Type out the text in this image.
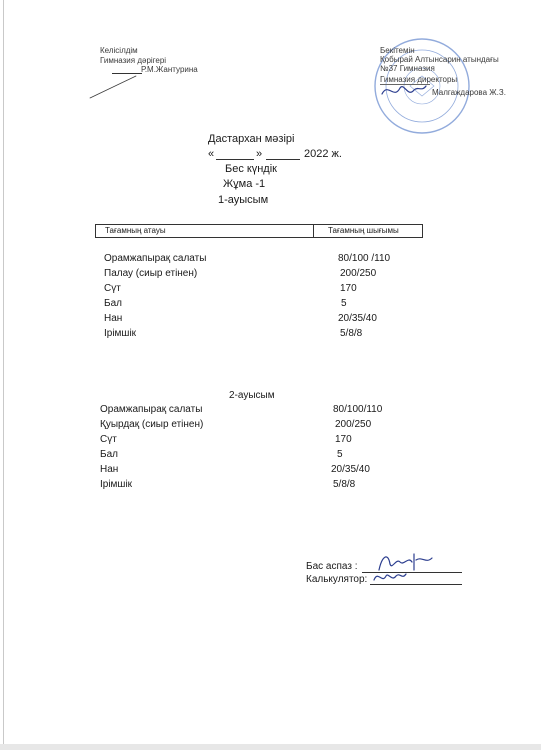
Келісілдім
Гимназия дәрігері
Р.М.Жантурина
Бекітемін
Қобырай Алтынсарин атындағы
№37 Гимназия
Гимназия директоры
Малгаждарова Ж.З.
Дастархан мәзірі
«	»	2022 ж.
Бес күндік
Жұма -1
1-ауысым
Тағамның атауы	Тағамның шығымы
Орамжапырақ салаты	80/100 /110
Палау (сиыр етінен)	200/250
Сүт	170
Бал	5
Нан	20/35/40
Ірімшік	5/8/8
2-ауысым
Орамжапырақ салаты	80/100/110
Қуырдақ (сиыр етінен)	200/250
Сүт	170
Бал	5
Нан	20/35/40
Ірімшік	5/8/8
Бас аспаз :
Калькулятор:
